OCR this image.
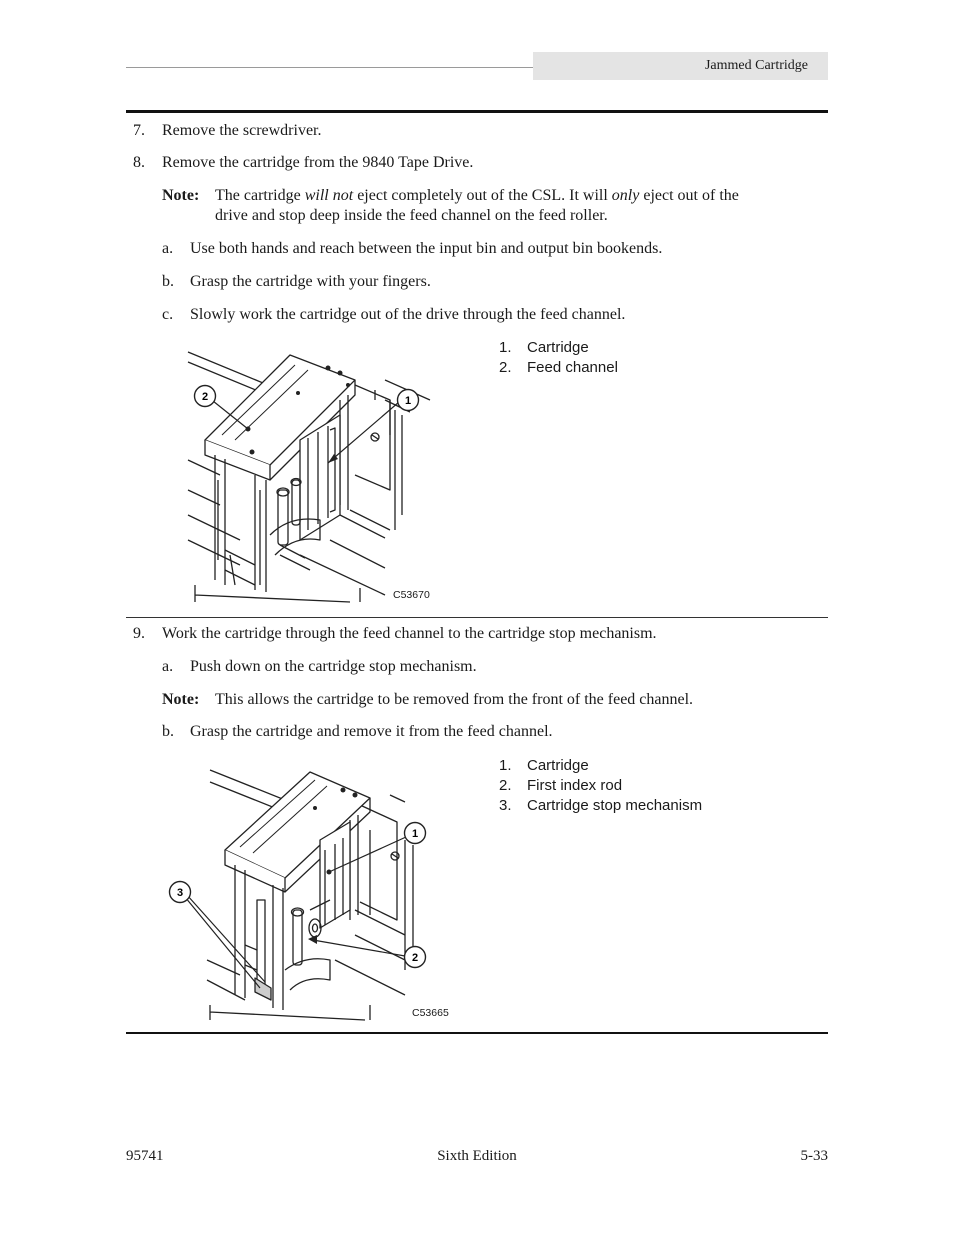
Jammed Cartridge
7.	Remove the screwdriver.
8.	Remove the cartridge from the 9840 Tape Drive.
Note: The cartridge will not eject completely out of the CSL. It will only eject out of the
drive and stop deep inside the feed channel on the feed roller.
a. Use both hands and reach between the input bin and output bin bookends.
b. Grasp the cartridge with your fingers.
c. Slowly work the cartridge out of the drive through the feed channel.
2	1
C53670
1. Cartridge
2. Feed channel
9.	Work the cartridge through the feed channel to the cartridge stop mechanism.
a. Push down on the cartridge stop mechanism.
Note: This allows the cartridge to be removed from the front of the feed channel.
b. Grasp the cartridge and remove it from the feed channel.
1
2
3
C53665
1. Cartridge
2. First index rod
3. Cartridge stop mechanism
95741	Sixth Edition	5-33
